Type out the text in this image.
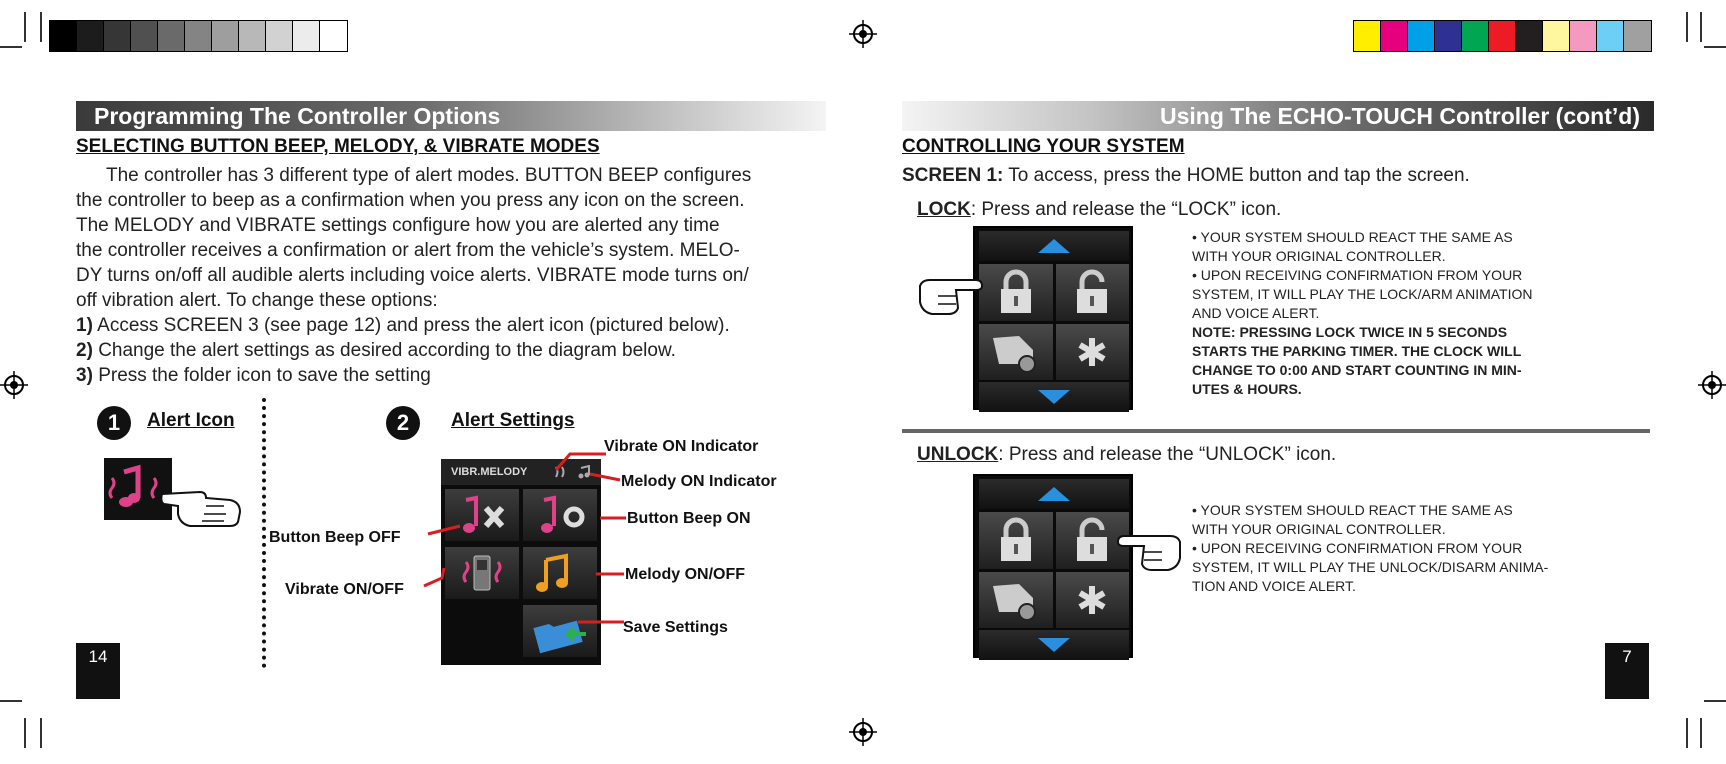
Programming The Controller Options
SELECTING BUTTON BEEP, MELODY, & VIBRATE MODES
The controller has 3 different type of alert modes. BUTTON BEEP configures
the controller to beep as a confirmation when you press any icon on the screen.
The MELODY and VIBRATE settings configure how you are alerted any time
the controller receives a confirmation or alert from the vehicle’s system. MELO-
DY turns on/off all audible alerts including voice alerts. VIBRATE mode turns on/
off vibration alert. To change these options:
1) Access SCREEN 3 (see page 12) and press the alert icon (pictured below).
2) Change the alert settings as desired according to the diagram below.
3) Press the folder icon to save the setting
1	Alert Icon	2	Alert Settings
VIBR.MELODY
Vibrate ON Indicator
Melody ON Indicator
Button Beep ON
Button Beep OFF
Melody ON/OFF
Vibrate ON/OFF
Save Settings
14
Using The ECHO-TOUCH Controller (cont’d)
CONTROLLING YOUR SYSTEM
SCREEN 1: To access, press the HOME button and tap the screen.
LOCK: Press and release the “LOCK” icon.
• YOUR SYSTEM SHOULD REACT THE SAME AS
WITH YOUR ORIGINAL CONTROLLER.
• UPON RECEIVING CONFIRMATION FROM YOUR
SYSTEM, IT WILL PLAY THE LOCK/ARM ANIMATION
AND VOICE ALERT.
NOTE: PRESSING LOCK TWICE IN 5 SECONDS
STARTS THE PARKING TIMER. THE CLOCK WILL
CHANGE TO 0:00 AND START COUNTING IN MIN-
UTES & HOURS.
UNLOCK: Press and release the “UNLOCK” icon.
• YOUR SYSTEM SHOULD REACT THE SAME AS
WITH YOUR ORIGINAL CONTROLLER.
• UPON RECEIVING CONFIRMATION FROM YOUR
SYSTEM, IT WILL PLAY THE UNLOCK/DISARM ANIMA-
TION AND VOICE ALERT.
7
